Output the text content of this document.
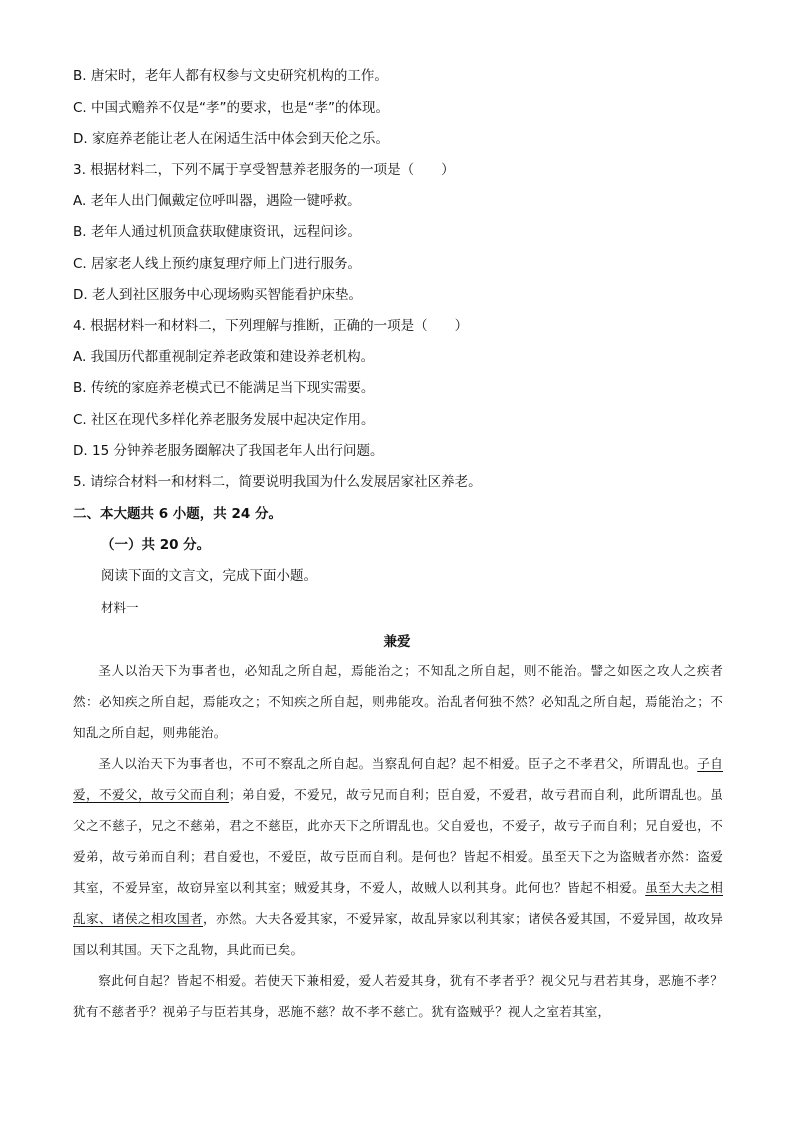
B. 唐宋时，老年人都有权参与文史研究机构的工作。
C. 中国式赡养不仅是“孝”的要求，也是“孝”的体现。
D. 家庭养老能让老人在闲适生活中体会到天伦之乐。
3. 根据材料二，下列不属于享受智慧养老服务的一项是（　　）
A. 老年人出门佩戴定位呼叫器，遇险一键呼救。
B. 老年人通过机顶盒获取健康资讯，远程问诊。
C. 居家老人线上预约康复理疗师上门进行服务。
D. 老人到社区服务中心现场购买智能看护床垫。
4. 根据材料一和材料二，下列理解与推断，正确的一项是（　　）
A. 我国历代都重视制定养老政策和建设养老机构。
B. 传统的家庭养老模式已不能满足当下现实需要。
C. 社区在现代多样化养老服务发展中起决定作用。
D. 15 分钟养老服务圈解决了我国老年人出行问题。
5. 请综合材料一和材料二，简要说明我国为什么发展居家社区养老。
二、本大题共 6 小题，共 24 分。
（一）共 20 分。
阅读下面的文言文，完成下面小题。
材料一
兼爱
圣人以治天下为事者也，必知乱之所自起，焉能治之；不知乱之所自起，则不能治。譬之如医之攻人之疾者然：必知疾之所自起，焉能攻之；不知疾之所自起，则弗能攻。治乱者何独不然？必知乱之所自起，焉能治之；不知乱之所自起，则弗能治。
圣人以治天下为事者也，不可不察乱之所自起。当察乱何自起？起不相爱。臣子之不孝君父，所谓乱也。子自爱，不爱父，故亏父而自利；弟自爱，不爱兄，故亏兄而自利；臣自爱，不爱君，故亏君而自利，此所谓乱也。虽父之不慈子，兄之不慈弟，君之不慈臣，此亦天下之所谓乱也。父自爱也，不爱子，故亏子而自利；兄自爱也，不爱弟，故亏弟而自利；君自爱也，不爱臣，故亏臣而自利。是何也？皆起不相爱。虽至天下之为盗贼者亦然：盗爱其室，不爱异室，故窃异室以利其室；贼爱其身，不爱人，故贼人以利其身。此何也？皆起不相爱。虽至大夫之相乱家、诸侯之相攻国者，亦然。大夫各爱其家，不爱异家，故乱异家以利其家；诸侯各爱其国，不爱异国，故攻异国以利其国。天下之乱物，具此而已矣。
察此何自起？皆起不相爱。若使天下兼相爱，爱人若爱其身，犹有不孝者乎？视父兄与君若其身，恶施不孝？犹有不慈者乎？视弟子与臣若其身，恶施不慈？故不孝不慈亡。犹有盗贼乎？视人之室若其室，
